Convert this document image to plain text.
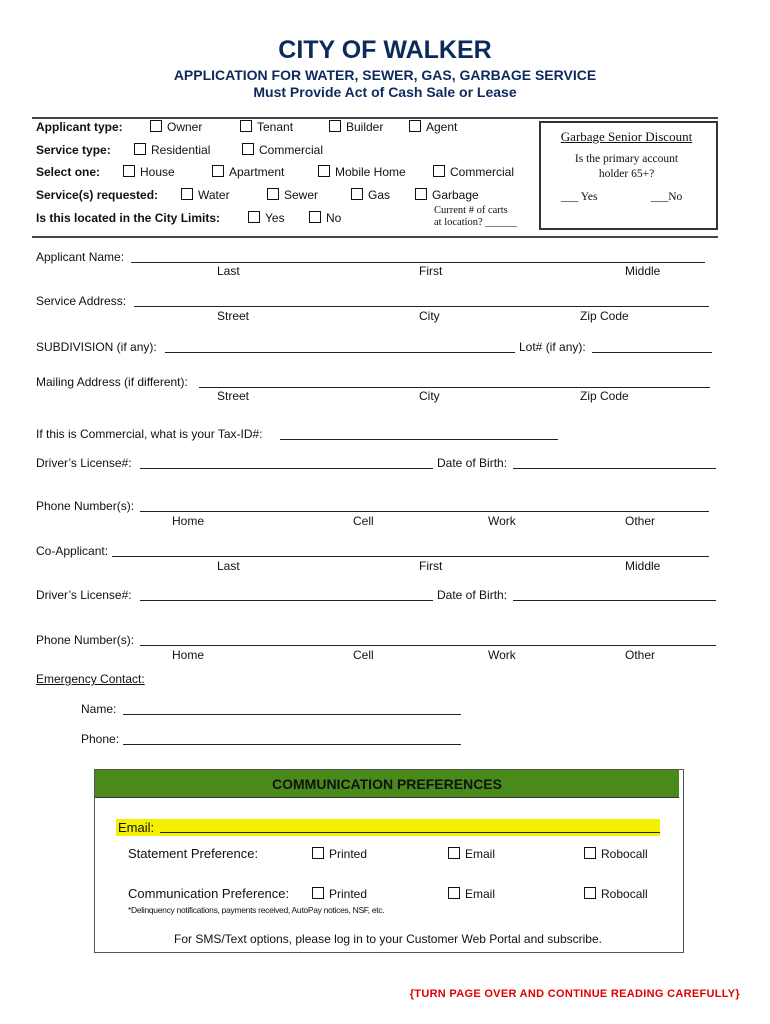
CITY OF WALKER
APPLICATION FOR WATER, SEWER, GAS, GARBAGE SERVICE
Must Provide Act of Cash Sale or Lease
Applicant type:	Owner	Tenant	Builder	Agent
Service type:	Residential	Commercial
Select one:	House	Apartment	Mobile Home	Commercial
Service(s) requested:	Water	Sewer	Gas	Garbage
Is this located in the City Limits:	Yes	No
Current # of carts
at location? ______
Garbage Senior Discount
Is the primary account
holder 65+?
___ Yes	___No
Applicant Name:
Last	First	Middle
Service Address:
Street	City	Zip Code
SUBDIVISION (if any):	Lot# (if any):
Mailing Address (if different):
Street	City	Zip Code
If this is Commercial, what is your Tax-ID#:
Driver’s License#:	Date of Birth:
Phone Number(s):
Home	Cell	Work	Other
Co-Applicant:
Last	First	Middle
Driver’s License#:	Date of Birth:
Phone Number(s):
Home	Cell	Work	Other
Emergency Contact:
Name:
Phone:
COMMUNICATION PREFERENCES
Email:
Statement Preference:	Printed	Email	Robocall
Communication Preference:	Printed	Email	Robocall
*Delinquency notifications, payments received, AutoPay notices, NSF, etc.
For SMS/Text options, please log in to your Customer Web Portal and subscribe.
{TURN PAGE OVER AND CONTINUE READING CAREFULLY}
